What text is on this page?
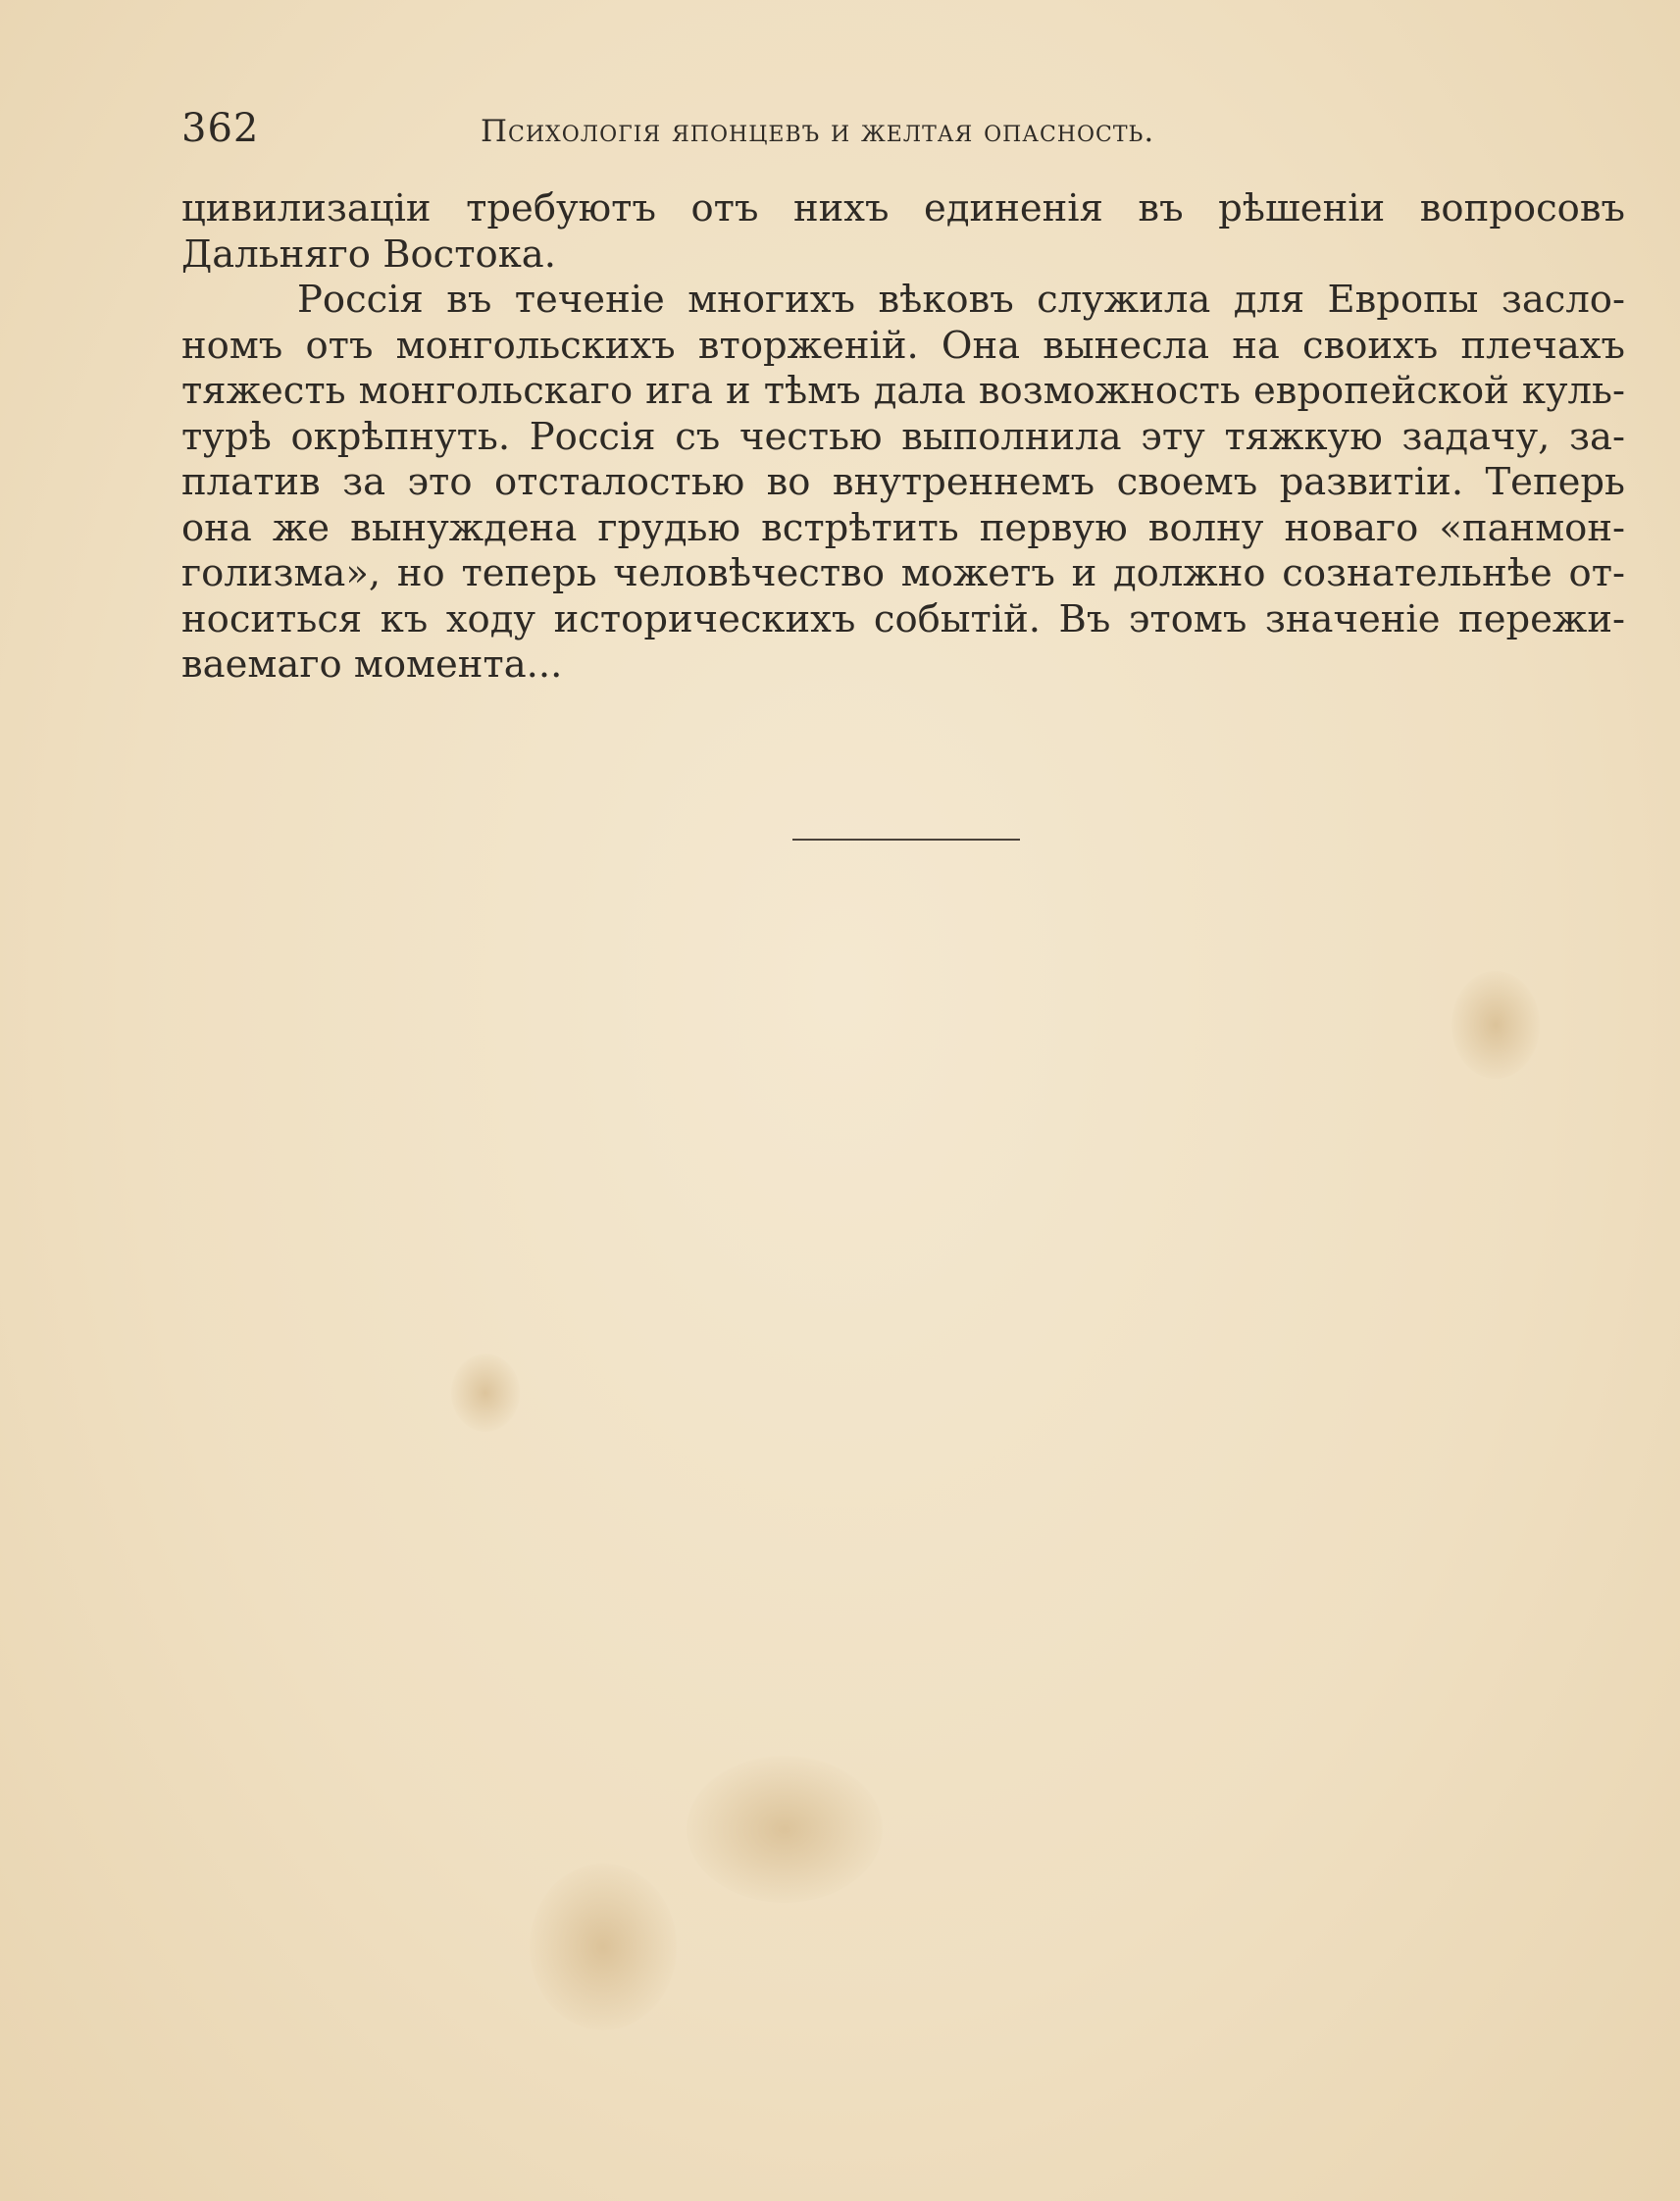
362	Психологія японцевъ и желтая опасность.
цивилизаціи требуютъ отъ нихъ единенія въ рѣшеніи вопросовъ
Дальняго Востока.
Россія въ теченіе многихъ вѣковъ служила для Европы засло-
номъ отъ монгольскихъ вторженій. Она вынесла на своихъ плечахъ
тяжесть монгольскаго ига и тѣмъ дала возможность европейской куль-
турѣ окрѣпнуть. Россія съ честью выполнила эту тяжкую задачу, за-
платив за это отсталостью во внутреннемъ своемъ развитіи. Теперь
она же вынуждена грудью встрѣтить первую волну новаго «панмон-
голизма», но теперь человѣчество можетъ и должно сознательнѣе от-
носиться къ ходу историческихъ событій. Въ этомъ значеніе пережи-
ваемаго момента...
